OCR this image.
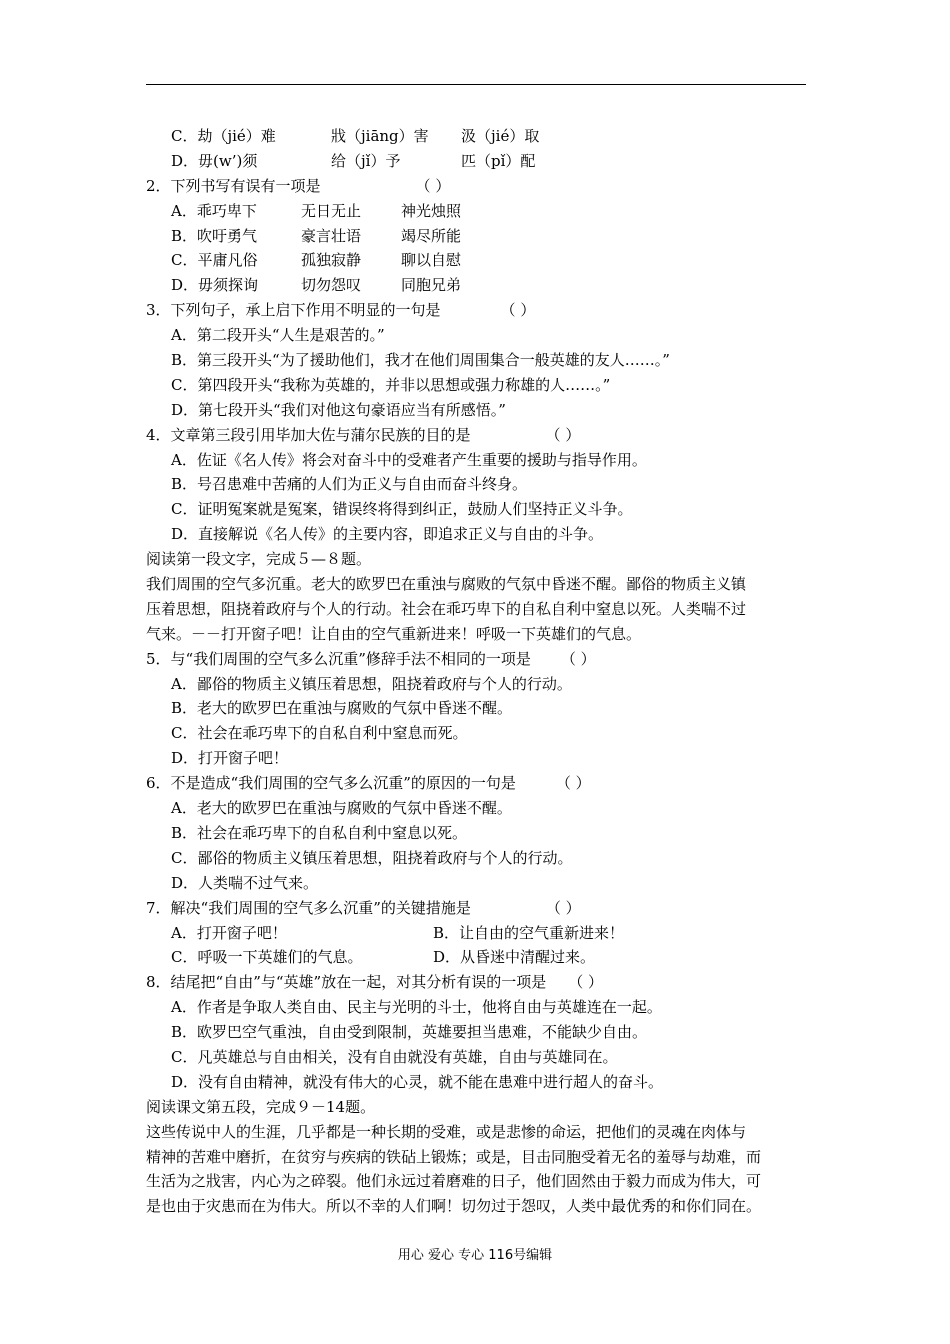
C．劫（jié）难	戕（jiāng）害 汲（jié）取
D．毋(w’)须	给（jǐ）予	匹（pǐ）配
2．下列书写有误有一项是	（ ）
A．乖巧卑下	无日无止	神光烛照
B．吹吁勇气	豪言壮语	竭尽所能
C．平庸凡俗	孤独寂静	聊以自慰
D．毋须探询	切勿怨叹	同胞兄弟
3．下列句子，承上启下作用不明显的一句是	（ ）
A．第二段开头“人生是艰苦的。”
B．第三段开头“为了援助他们，我才在他们周围集合一般英雄的友人……。”
C．第四段开头“我称为英雄的，并非以思想或强力称雄的人……。”
D．第七段开头“我们对他这句豪语应当有所感悟。”
4．文章第三段引用毕加大佐与蒲尔民族的目的是	（ ）
A．佐证《名人传》将会对奋斗中的受难者产生重要的援助与指导作用。
B．号召患难中苦痛的人们为正义与自由而奋斗终身。
C．证明冤案就是冤案，错误终将得到纠正，鼓励人们坚持正义斗争。
D．直接解说《名人传》的主要内容，即追求正义与自由的斗争。
阅读第一段文字，完成５—８题。
我们周围的空气多沉重。老大的欧罗巴在重浊与腐败的气氛中昏迷不醒。鄙俗的物质主义镇
压着思想，阻挠着政府与个人的行动。社会在乖巧卑下的自私自利中窒息以死。人类喘不过
气来。－－打开窗子吧！让自由的空气重新进来！呼吸一下英雄们的气息。
5．与“我们周围的空气多么沉重”修辞手法不相同的一项是 （ ）
A．鄙俗的物质主义镇压着思想，阻挠着政府与个人的行动。
B．老大的欧罗巴在重浊与腐败的气氛中昏迷不醒。
C．社会在乖巧卑下的自私自利中窒息而死。
D．打开窗子吧！
6．不是造成“我们周围的空气多么沉重”的原因的一句是	（ ）
A．老大的欧罗巴在重浊与腐败的气氛中昏迷不醒。
B．社会在乖巧卑下的自私自利中窒息以死。
C．鄙俗的物质主义镇压着思想，阻挠着政府与个人的行动。
D．人类喘不过气来。
7．解决“我们周围的空气多么沉重”的关键措施是	（ ）
A．打开窗子吧！	B．让自由的空气重新进来！
C．呼吸一下英雄们的气息。	D．从昏迷中清醒过来。
8．结尾把“自由”与“英雄”放在一起，对其分析有误的一项是 （ ）
A．作者是争取人类自由、民主与光明的斗士，他将自由与英雄连在一起。
B．欧罗巴空气重浊，自由受到限制，英雄要担当患难，不能缺少自由。
C．凡英雄总与自由相关，没有自由就没有英雄，自由与英雄同在。
D．没有自由精神，就没有伟大的心灵，就不能在患难中进行超人的奋斗。
阅读课文第五段，完成９－14题。
这些传说中人的生涯，几乎都是一种长期的受难，或是悲惨的命运，把他们的灵魂在肉体与
精神的苦难中磨折，在贫穷与疾病的铁砧上锻炼；或是，目击同胞受着无名的羞辱与劫难，而
生活为之戕害，内心为之碎裂。他们永远过着磨难的日子，他们固然由于毅力而成为伟大，可
是也由于灾患而在为伟大。所以不幸的人们啊！切勿过于怨叹，人类中最优秀的和你们同在。
用心 爱心 专心 116号编辑
